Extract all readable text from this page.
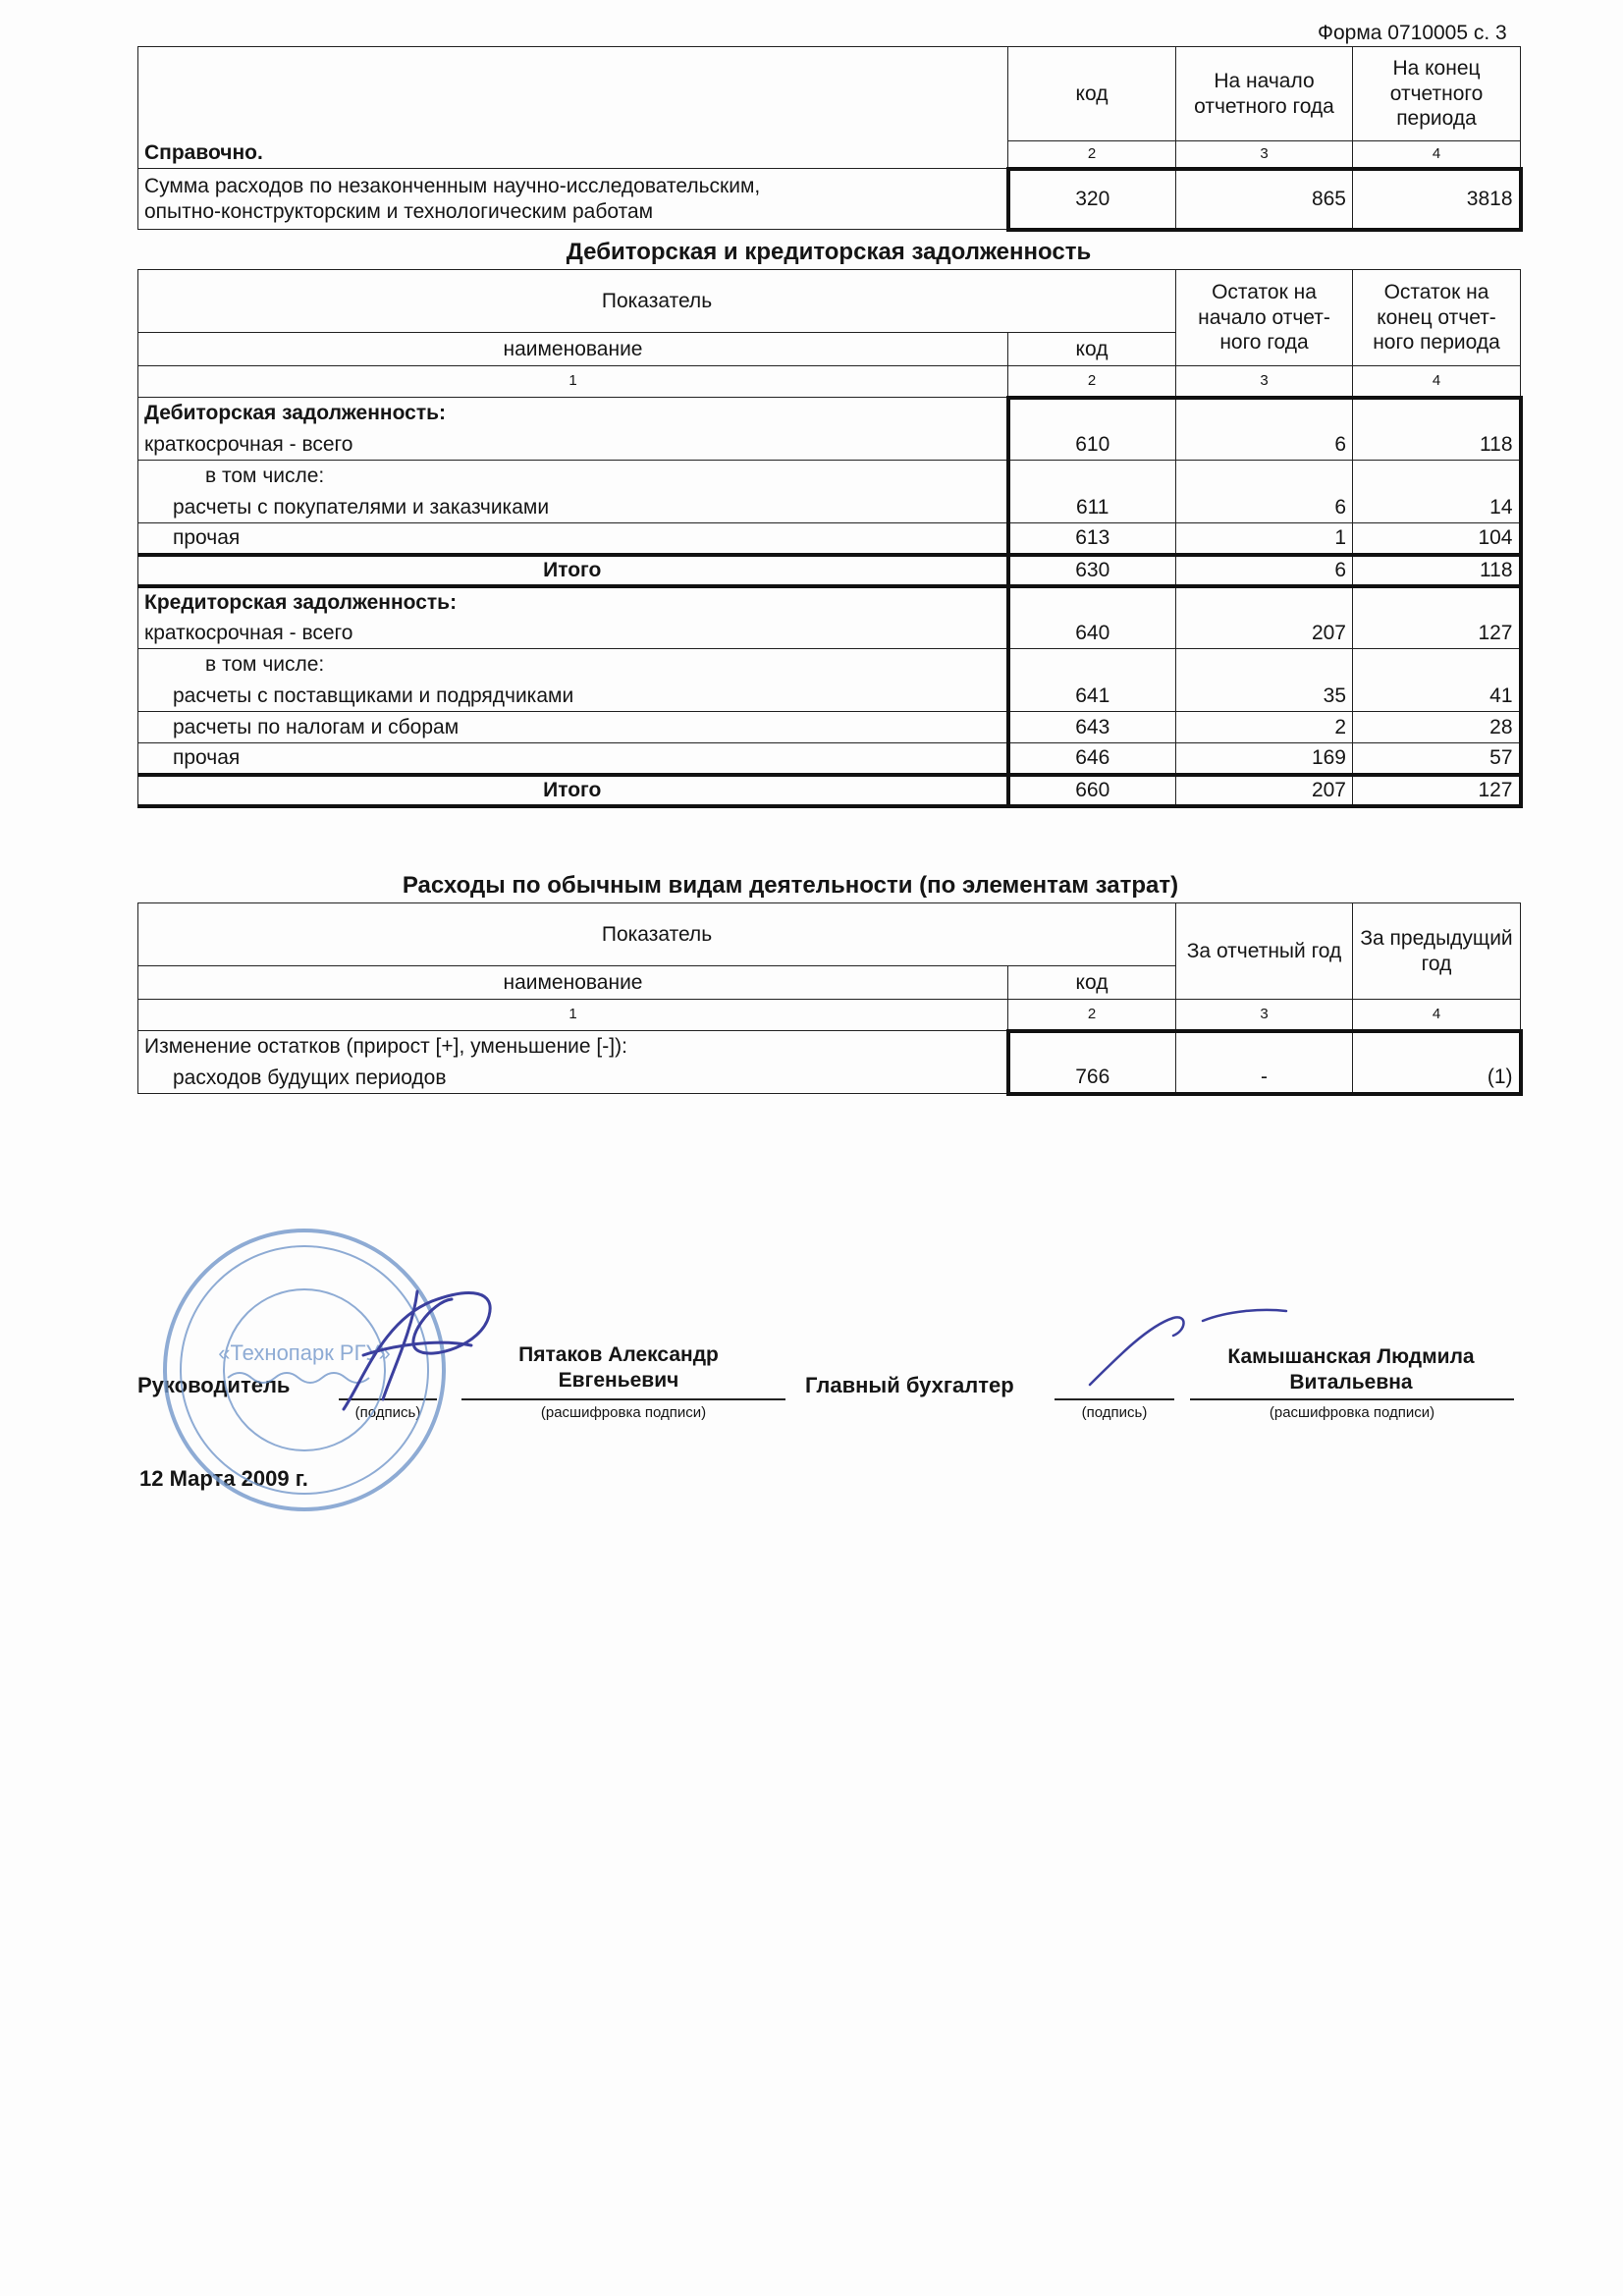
Форма 0710005 с. 3
Справочно.	код	На начало отчетного года	На конец отчетного периода
	2	3	4

Сумма расходов по незаконченным научно-исследовательским,
опытно-конструкторским и технологическим работам	320	865	3818
Дебиторская и кредиторская задолженность
Показатель		Остаток на начало отчет-ного года	Остаток на конец отчет-ного периода
наименование	код		
1	2	3	4
Дебиторская задолженность:			
краткосрочная - всего	610	6	118
в том числе:			
расчеты с покупателями и заказчиками	611	6	14
прочая	613	1	104
Итого	630	6	118
Кредиторская задолженность:			
краткосрочная - всего	640	207	127
в том числе:			
расчеты с поставщиками и подрядчиками	641	35	41
расчеты по налогам и сборам	643	2	28
прочая	646	169	57
Итого	660	207	127
Расходы по обычным видам деятельности (по элементам затрат)
Показатель		За отчетный год	За предыдущий год
наименование	код		
1	2	3	4
Изменение остатков (прирост [+], уменьшение [-]):			
расходов будущих периодов	766	-	(1)
Руководитель
(подпись)
Пятаков Александр
Евгеньевич
(расшифровка подписи)
Главный бухгалтер
(подпись)
Камышанская Людмила
Витальевна
(расшифровка подписи)
12 Марта 2009 г.
«Технопарк РГУ»
